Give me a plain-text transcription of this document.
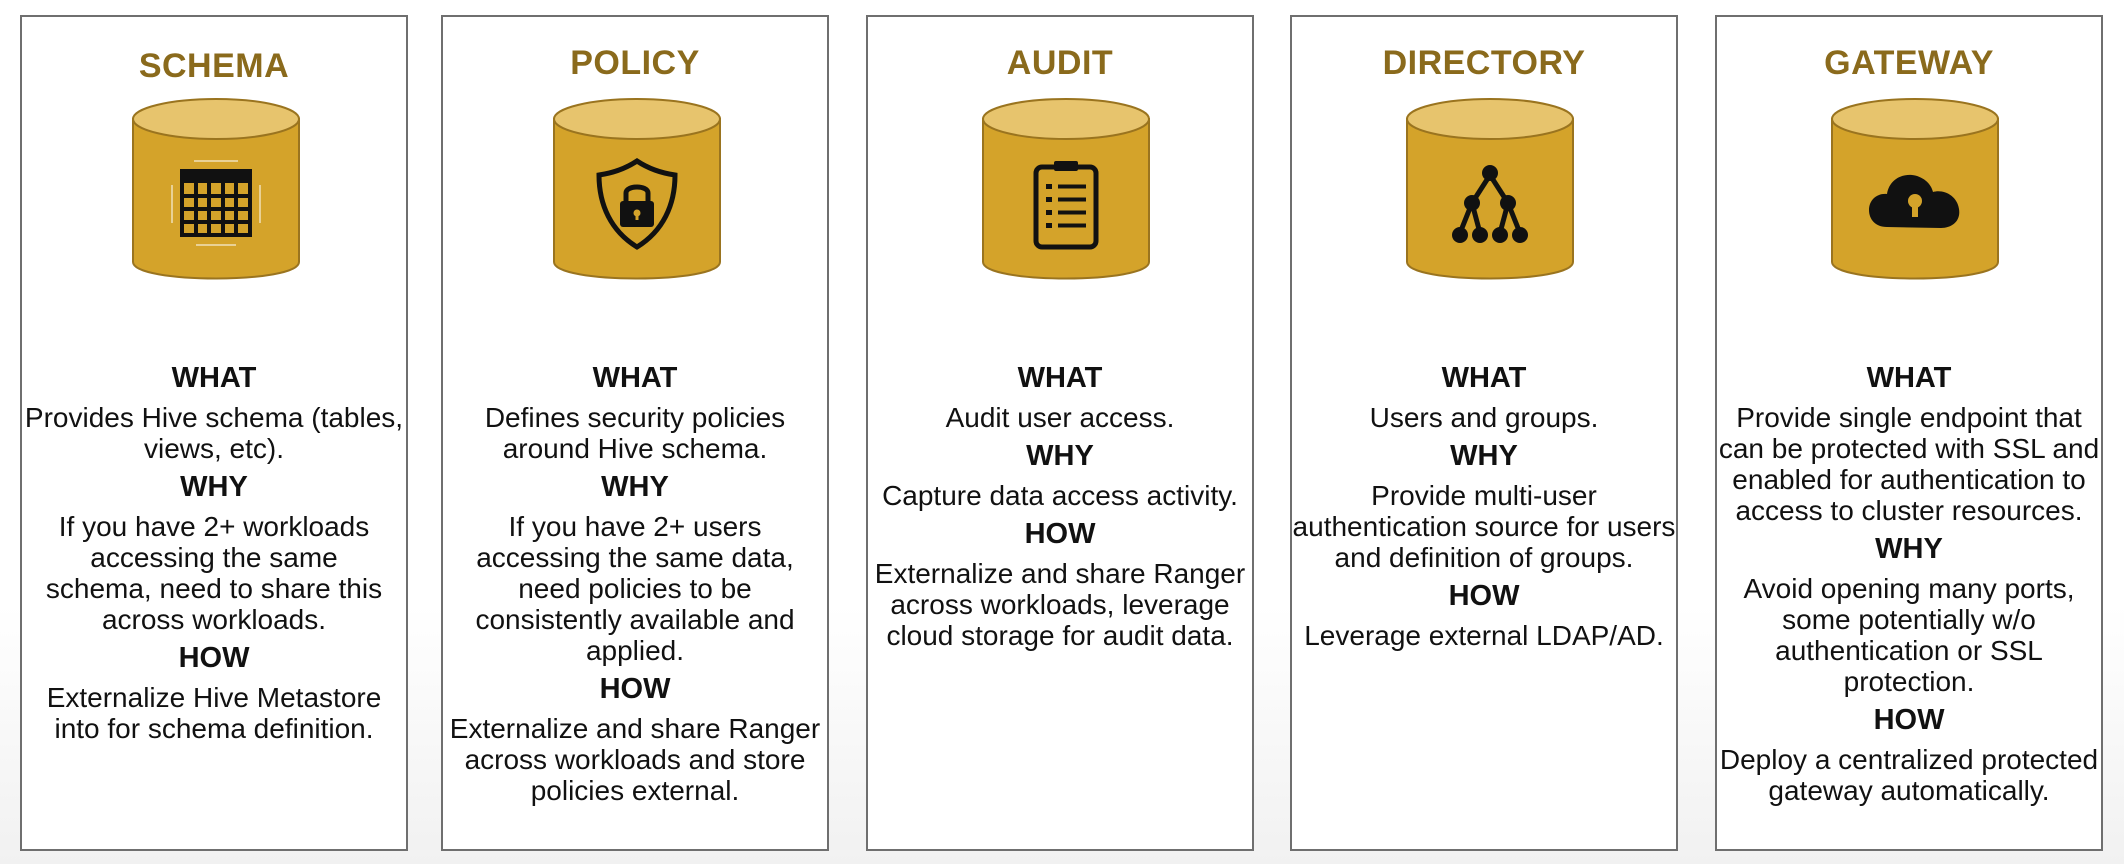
SCHEMA
WHAT
Provides Hive schema (tables, views, etc).
WHY
If you have 2+ workloads accessing the same schema, need to share this across workloads.
HOW
Externalize Hive Metastore into for schema definition.
POLICY
WHAT
Defines security policies around Hive schema.
WHY
If you have 2+ users accessing the same data, need policies to be consistently available and applied.
HOW
Externalize and share Ranger across workloads and store policies external.
AUDIT
WHAT
Audit user access.
WHY
Capture data access activity.
HOW
Externalize and share Ranger across workloads, leverage cloud storage for audit data.
DIRECTORY
WHAT
Users and groups.
WHY
Provide multi-user authentication source for users and definition of groups.
HOW
Leverage external LDAP/AD.
GATEWAY
WHAT
Provide single endpoint that can be protected with SSL and enabled for authentication to access to cluster resources.
WHY
Avoid opening many ports, some potentially w/o authentication or SSL protection.
HOW
Deploy a centralized protected gateway automatically.
